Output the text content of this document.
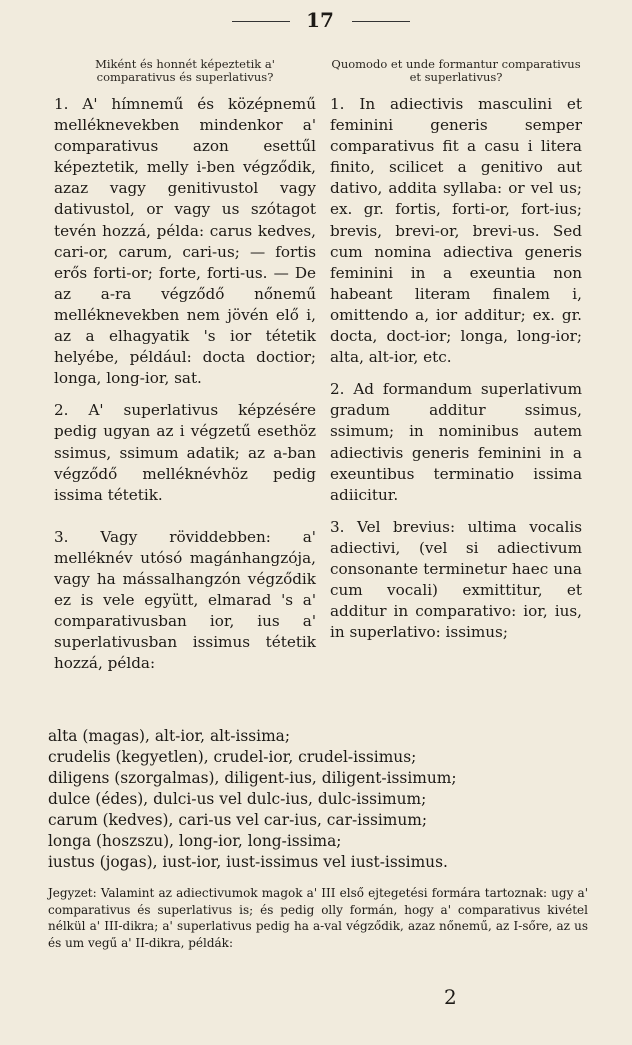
17

Miként és honnét képeztetik a' comparativus és superlativus?

1. A' hímnemű és középnemű melléknevekben mindenkor a' comparativus azon esettűl képeztetik, melly i-ben végződik, azaz vagy genitivustol vagy dativustol, or vagy us szótagot tevén hozzá, példa: carus kedves, cari-or, carum, cari-us; — fortis erős forti-or; forte, forti-us. — De az a-ra végződő nőnemű melléknevekben nem jövén elő i, az a elhagyatik 's ior tétetik helyébe, például: docta doctior; longa, long-ior, sat.

2. A' superlativus képzésére pedig ugyan az i végzetű esethöz ssimus, ssimum adatik; az a-ban végződő melléknévhöz pedig issima tétetik.

3. Vagy röviddebben: a' melléknév utósó magánhangzója, vagy ha mássalhangzón végződik ez is vele együtt, elmarad 's a' comparativusban ior, ius a' superlativusban issimus tétetik hozzá, példa:

Quomodo et unde formantur comparativus et superlativus?

1. In adiectivis masculini et feminini generis semper comparativus fit a casu i litera finito, scilicet a genitivo aut dativo, addita syllaba: or vel us; ex. gr. fortis, forti-or, fort-ius; brevis, brevi-or, brevi-us. Sed cum nomina adiectiva generis feminini in a exeuntia non habeant literam finalem i, omittendo a, ior additur; ex. gr. docta, doct-ior; longa, long-ior; alta, alt-ior, etc.

2. Ad formandum superlativum gradum additur ssimus, ssimum; in nominibus autem adiectivis generis feminini in a exeuntibus terminatio issima adiicitur.

3. Vel brevius: ultima vocalis adiectivi, (vel si adiectivum consonante terminetur haec una cum vocali) exmittitur, et additur in comparativo: ior, ius, in superlativo: issimus;

alta (magas), alt-ior, alt-issima;

crudelis (kegyetlen), crudel-ior, crudel-issimus;

diligens (szorgalmas), diligent-ius, diligent-issimum;

dulce (édes), dulci-us vel dulc-ius, dulc-issimum;

carum (kedves), cari-us vel car-ius, car-issimum;

longa (hoszszu), long-ior, long-issima;

iustus (jogas), iust-ior, iust-issimus vel iust-issimus.

Jegyzet: Valamint az adiectivumok magok a' III első ejtegetési formára tartoznak: ugy a' comparativus és superlativus is; és pedig olly formán, hogy a' comparativus kivétel nélkül a' III-dikra; a' superlativus pedig ha a-val végződik, azaz nőnemű, az I-sőre, az us és um vegű a' II-dikra, példák:

2
